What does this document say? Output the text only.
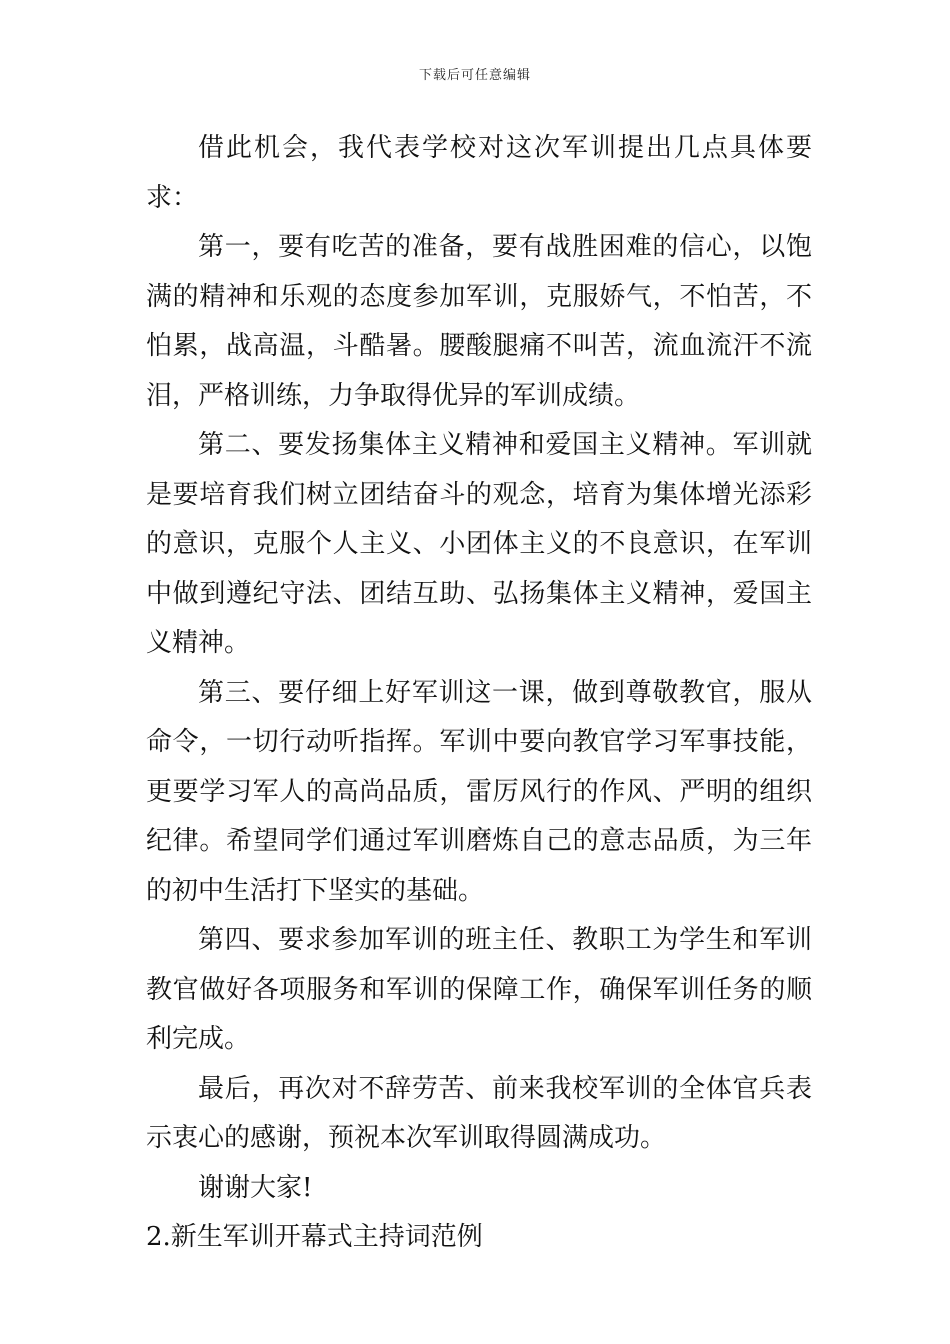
下载后可任意编辑

借此机会，我代表学校对这次军训提出几点具体要求：

第一，要有吃苦的准备，要有战胜困难的信心，以饱满的精神和乐观的态度参加军训，克服娇气，不怕苦，不怕累，战高温，斗酷暑。腰酸腿痛不叫苦，流血流汗不流泪，严格训练，力争取得优异的军训成绩。

第二、要发扬集体主义精神和爱国主义精神。军训就是要培育我们树立团结奋斗的观念，培育为集体增光添彩的意识，克服个人主义、小团体主义的不良意识，在军训中做到遵纪守法、团结互助、弘扬集体主义精神，爱国主义精神。

第三、要仔细上好军训这一课，做到尊敬教官，服从命令，一切行动听指挥。军训中要向教官学习军事技能，更要学习军人的高尚品质，雷厉风行的作风、严明的组织纪律。希望同学们通过军训磨炼自己的意志品质，为三年的初中生活打下坚实的基础。

第四、要求参加军训的班主任、教职工为学生和军训教官做好各项服务和军训的保障工作，确保军训任务的顺利完成。

最后，再次对不辞劳苦、前来我校军训的全体官兵表示衷心的感谢，预祝本次军训取得圆满成功。

谢谢大家!

2.新生军训开幕式主持词范例
